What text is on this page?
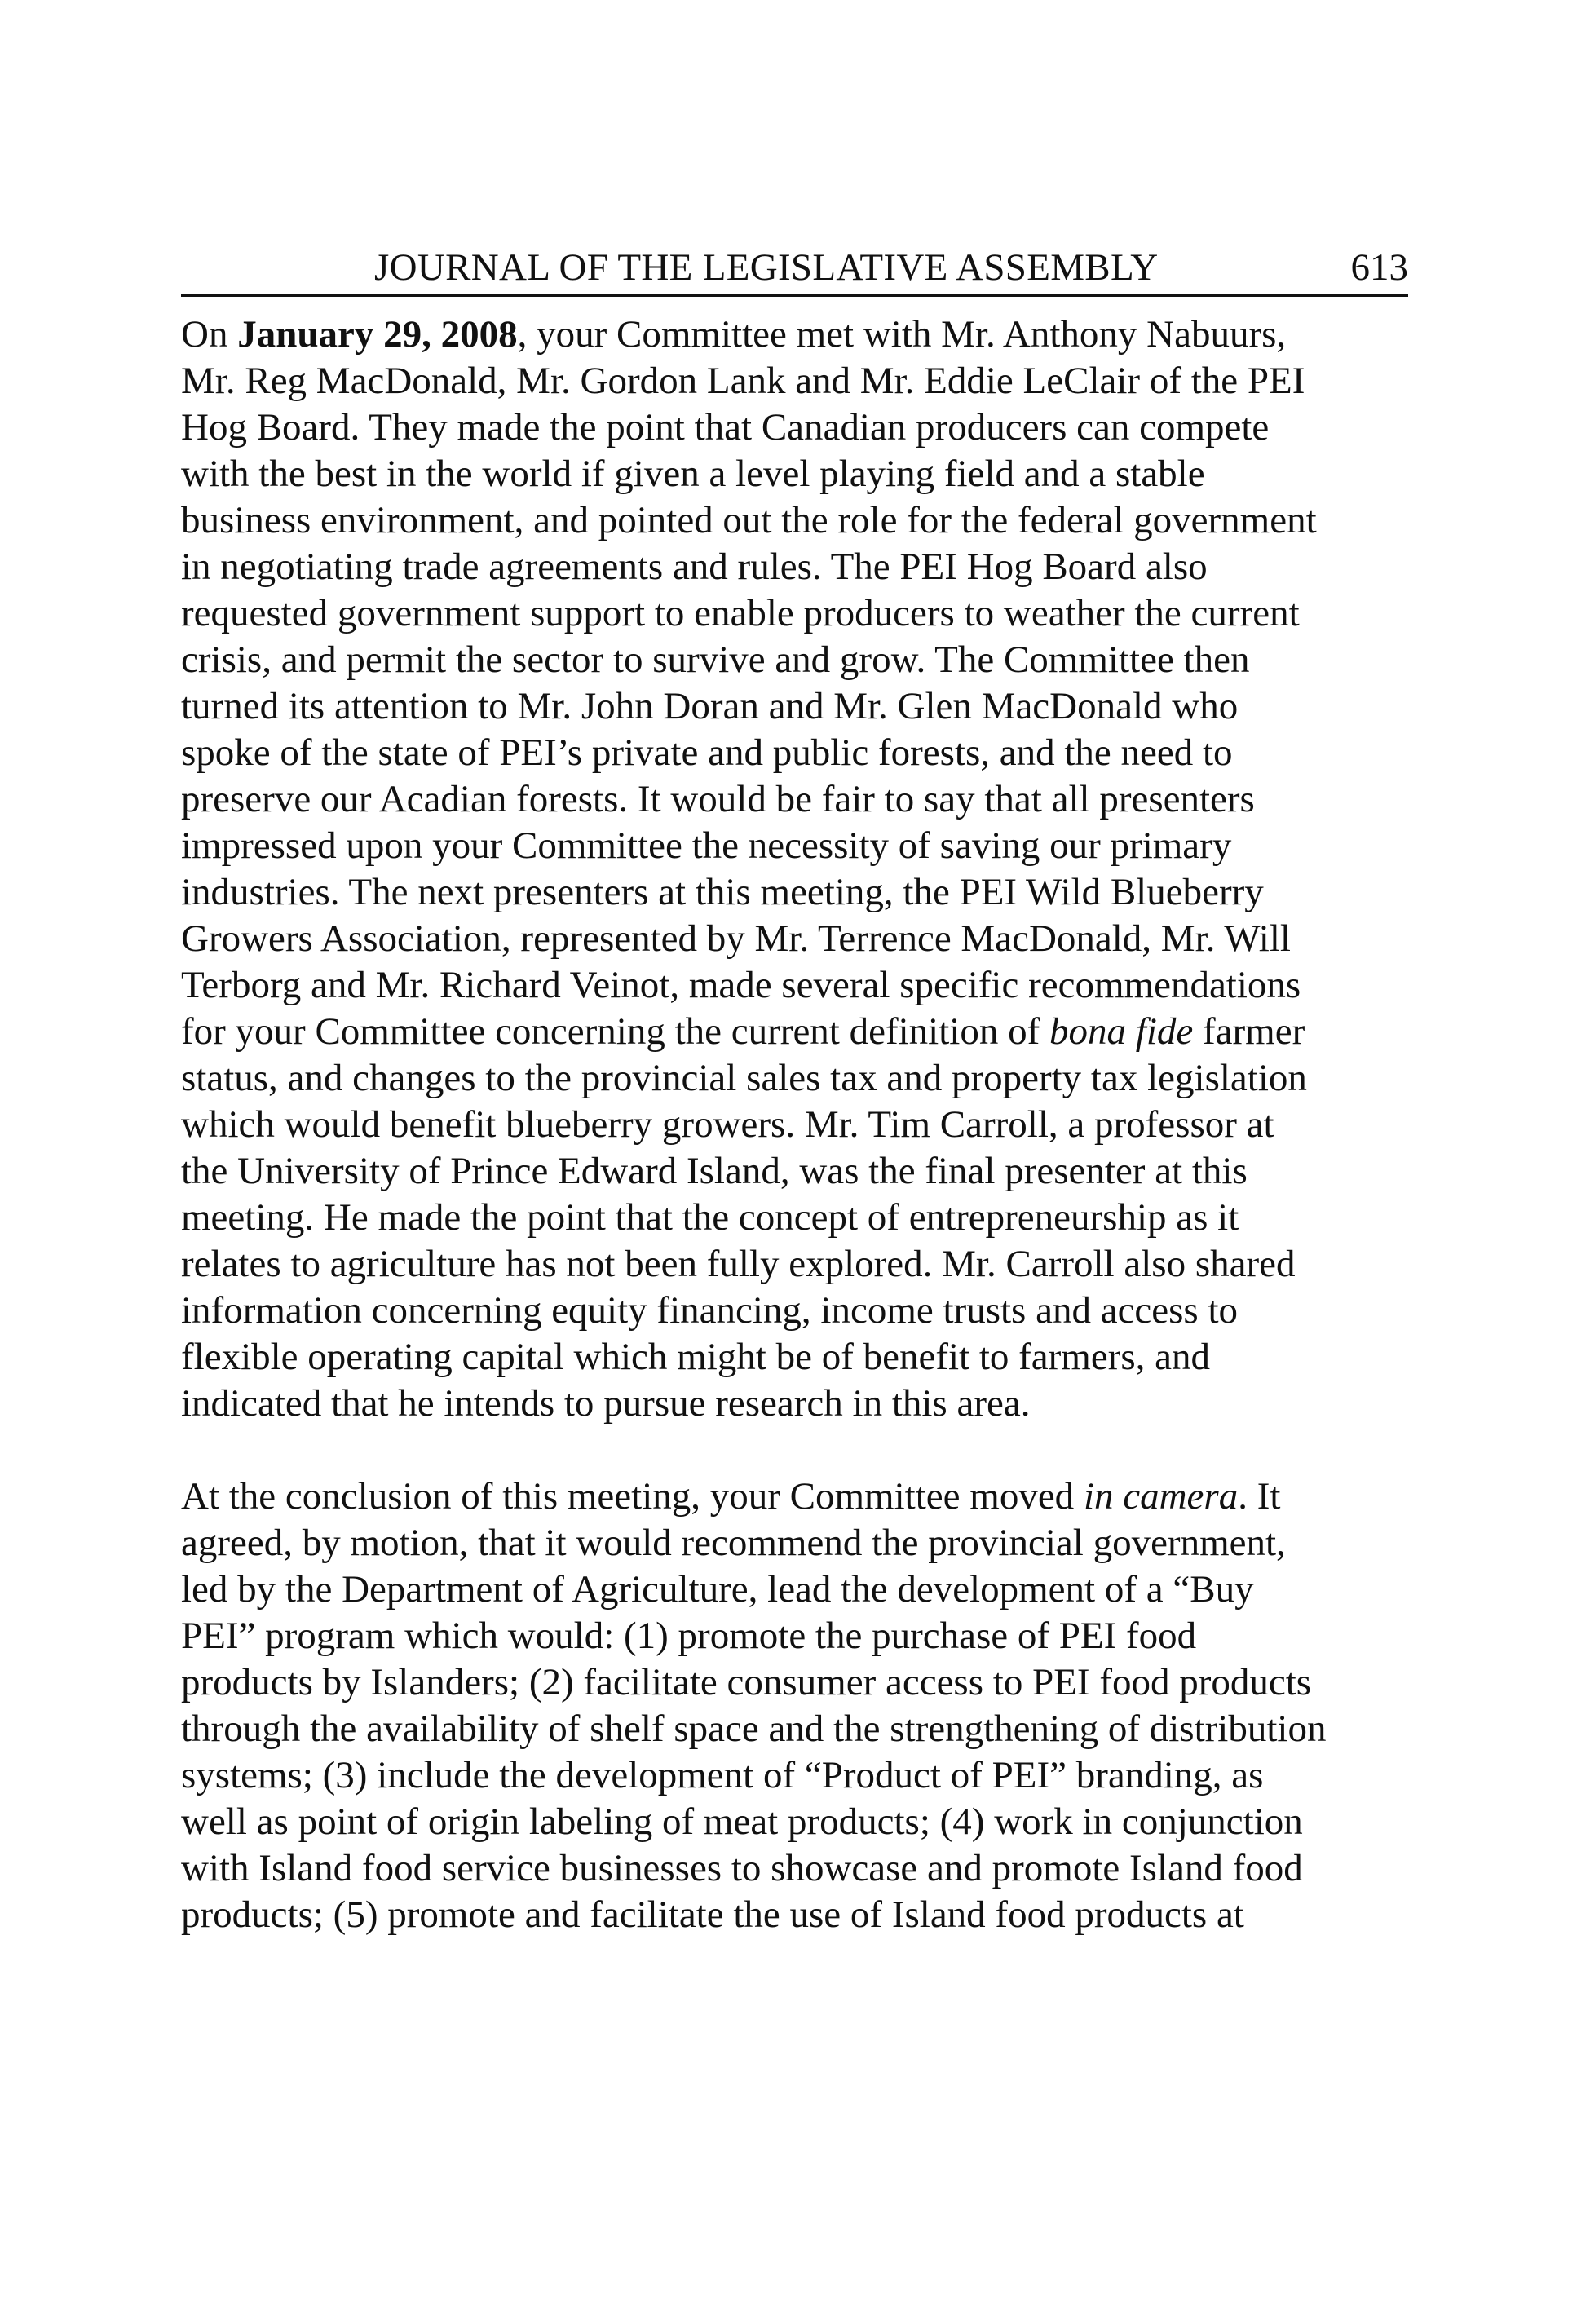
JOURNAL OF THE LEGISLATIVE ASSEMBLY	613

On January 29, 2008, your Committee met with Mr. Anthony Nabuurs,
Mr. Reg MacDonald, Mr. Gordon Lank and Mr. Eddie LeClair of the PEI
Hog Board. They made the point that Canadian producers can compete
with the best in the world if given a level playing field and a stable
business environment, and pointed out the role for the federal government
in negotiating trade agreements and rules. The PEI Hog Board also
requested government support to enable producers to weather the current
crisis, and permit the sector to survive and grow. The Committee then
turned its attention to Mr. John Doran and Mr. Glen MacDonald who
spoke of the state of PEI’s private and public forests, and the need to
preserve our Acadian forests. It would be fair to say that all presenters
impressed upon your Committee the necessity of saving our primary
industries. The next presenters at this meeting, the PEI Wild Blueberry
Growers Association, represented by Mr. Terrence MacDonald, Mr. Will
Terborg and Mr. Richard Veinot, made several specific recommendations
for your Committee concerning the current definition of bona fide farmer
status, and changes to the provincial sales tax and property tax legislation
which would benefit blueberry growers. Mr. Tim Carroll, a professor at
the University of Prince Edward Island, was the final presenter at this
meeting. He made the point that the concept of entrepreneurship as it
relates to agriculture has not been fully explored. Mr. Carroll also shared
information concerning equity financing, income trusts and access to
flexible operating capital which might be of benefit to farmers, and
indicated that he intends to pursue research in this area.

At the conclusion of this meeting, your Committee moved in camera. It
agreed, by motion, that it would recommend the provincial government,
led by the Department of Agriculture, lead the development of a “Buy
PEI” program which would: (1) promote the purchase of PEI food
products by Islanders; (2) facilitate consumer access to PEI food products
through the availability of shelf space and the strengthening of distribution
systems; (3) include the development of “Product of PEI” branding, as
well as point of origin labeling of meat products; (4) work in conjunction
with Island food service businesses to showcase and promote Island food
products; (5) promote and facilitate the use of Island food products at
